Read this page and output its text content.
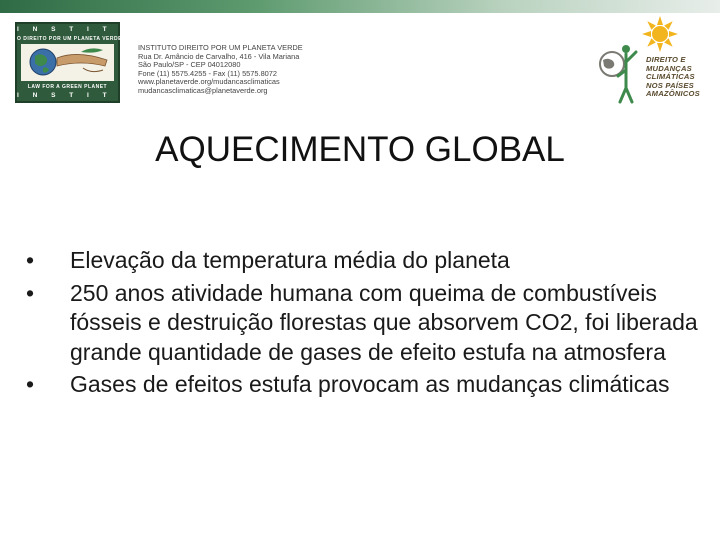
I N S T I T U T O
O DIREITO POR UM PLANETA VERDE
LAW FOR A GREEN PLANET
I N S T I T U T E
INSTITUTO DIREITO POR UM PLANETA VERDE
Rua Dr. Amâncio de Carvalho, 416 - Vila Mariana
São Paulo/SP - CEP 04012080
Fone (11) 5575.4255 - Fax (11) 5575.8072
www.planetaverde.org/mudancasclimaticas
mudancasclimaticas@planetaverde.org
DIREITO E
MUDANÇAS
CLIMÁTICAS
NOS PAÍSES
AMAZÔNICOS
AQUECIMENTO GLOBAL
• Elevação da temperatura média do planeta
• 250 anos atividade humana com queima de combustíveis fósseis e destruição florestas que absorvem CO2, foi liberada grande quantidade de gases de efeito estufa na atmosfera
• Gases de efeitos estufa provocam as mudanças climáticas
